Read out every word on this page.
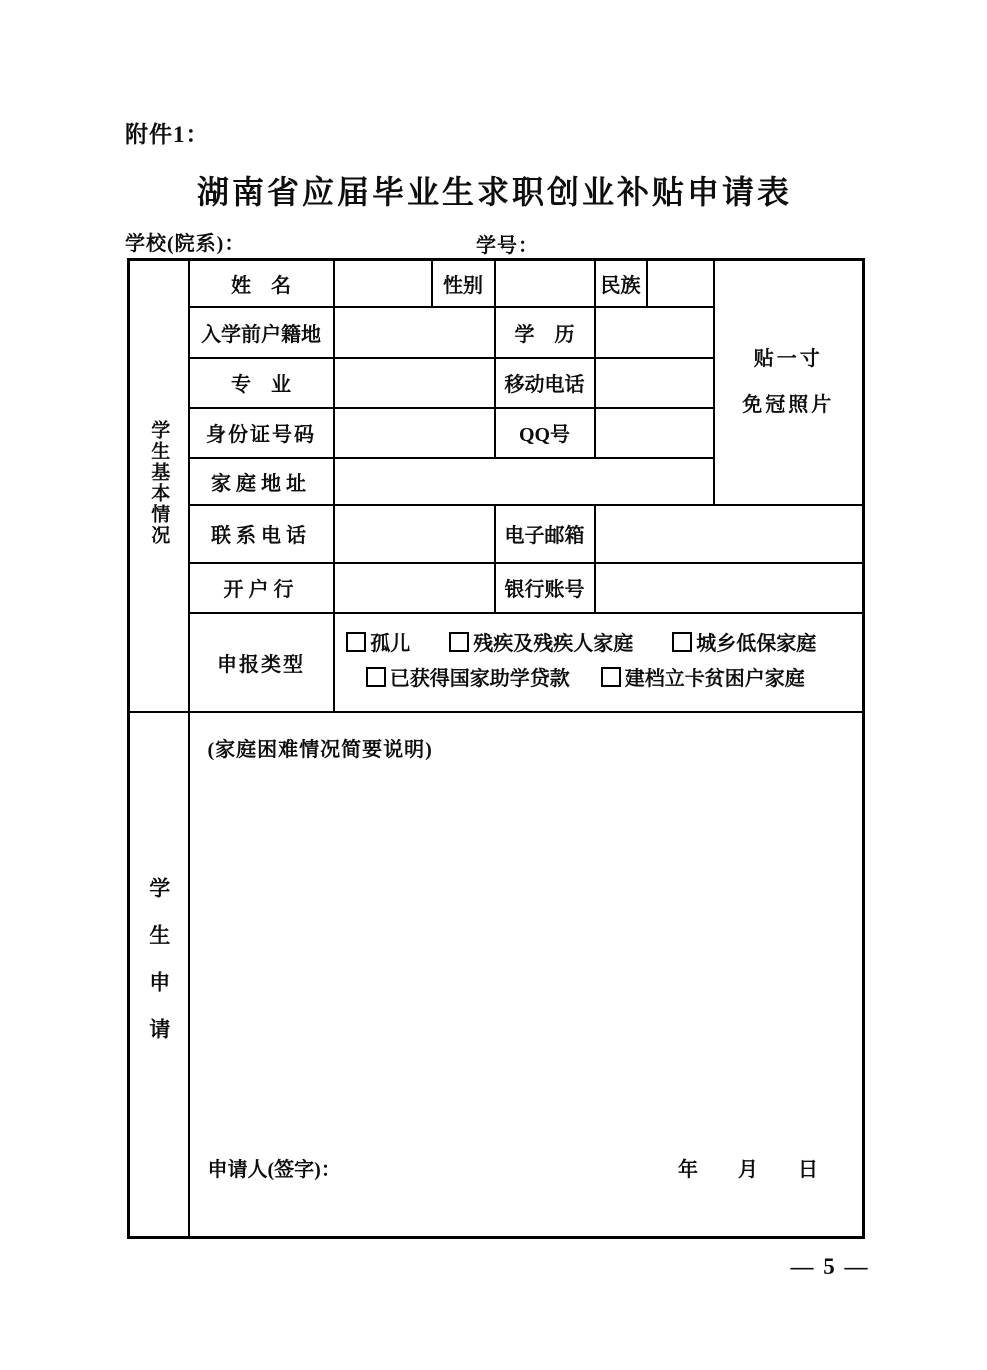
附件1：
湖南省应届毕业生求职创业补贴申请表
学校(院系)：	学号：
学生基本情况	姓　名		性别		民族		贴一寸
免冠照片

	入学前户籍地			学　历			
	专　业			移动电话			
	身份证号码			QQ号			
	家庭地址						
	联系电话			电子邮箱			
	开户行			银行账号			
	申报类型	孤儿 残疾及残疾人家庭 城乡低保家庭
已获得国家助学贷款 建档立卡贫困户家庭					

学生申请	(家庭困难情况简要说明)
申请人(签字)： 年　　月　　日						
— 5 —
